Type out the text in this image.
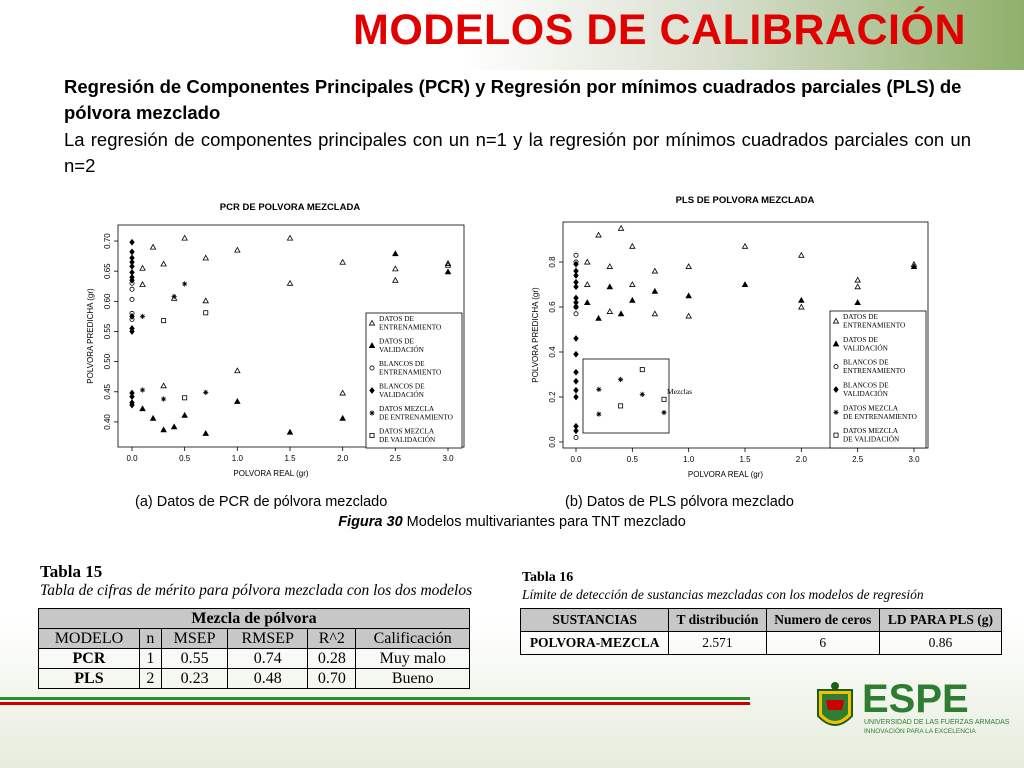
MODELOS DE CALIBRACIÓN
Regresión de Componentes Principales (PCR) y Regresión por mínimos cuadrados parciales (PLS) de pólvora mezclado
La regresión de componentes principales con un n=1 y la regresión por mínimos cuadrados parciales con un n=2
PCR DE POLVORA MEZCLADA
0.0	0.5	1.0	1.5	2.0	2.5	3.0
0.40
0.45
0.50
0.55
0.60
0.65
0.70
POLVORA REAL (gr)
POLVORA PREDICHA (gr)	DATOS DE ENTRENAMIENTO
DATOS DE VALIDACIÓN
BLANCOS DE ENTRENAMIENTO
BLANCOS DE VALIDACIÓN
DATOS MEZCLA DE ENTRENAMIENTO
DATOS MEZCLA DE VALIDACIÓN
PLS DE POLVORA MEZCLADA
0.0	0.5	1.0	1.5	2.0	2.5	3.0
0.0
0.2
0.4
0.6
0.8
POLVORA REAL (gr)
POLVORA PREDICHA (gr)
Mezclas
DATOS DE ENTRENAMIENTO
DATOS DE VALIDACIÓN
BLANCOS DE ENTRENAMIENTO
BLANCOS DE VALIDACIÓN
DATOS MEZCLA DE ENTRENAMIENTO
DATOS MEZCLA DE VALIDACIÓN
(a) Datos de PCR de pólvora mezclado	(b) Datos de PLS pólvora mezclado
Figura 30 Modelos multivariantes para TNT mezclado
Tabla 15
Tabla de cifras de mérito para pólvora mezclada con los dos modelos
Mezcla de pólvora					
MODELO	n	MSEP	RMSEP	R^2	Calificación
PCR	1	0.55	0.74	0.28	Muy malo
PLS	2	0.23	0.48	0.70	Bueno
Tabla 16
Límite de detección de sustancias mezcladas con los modelos de regresión
SUSTANCIAS	T distribución	Numero de ceros	LD PARA PLS (g)
POLVORA-MEZCLA	2.571	6	0.86
ESPE
UNIVERSIDAD DE LAS FUERZAS ARMADAS
INNOVACIÓN PARA LA EXCELENCIA
